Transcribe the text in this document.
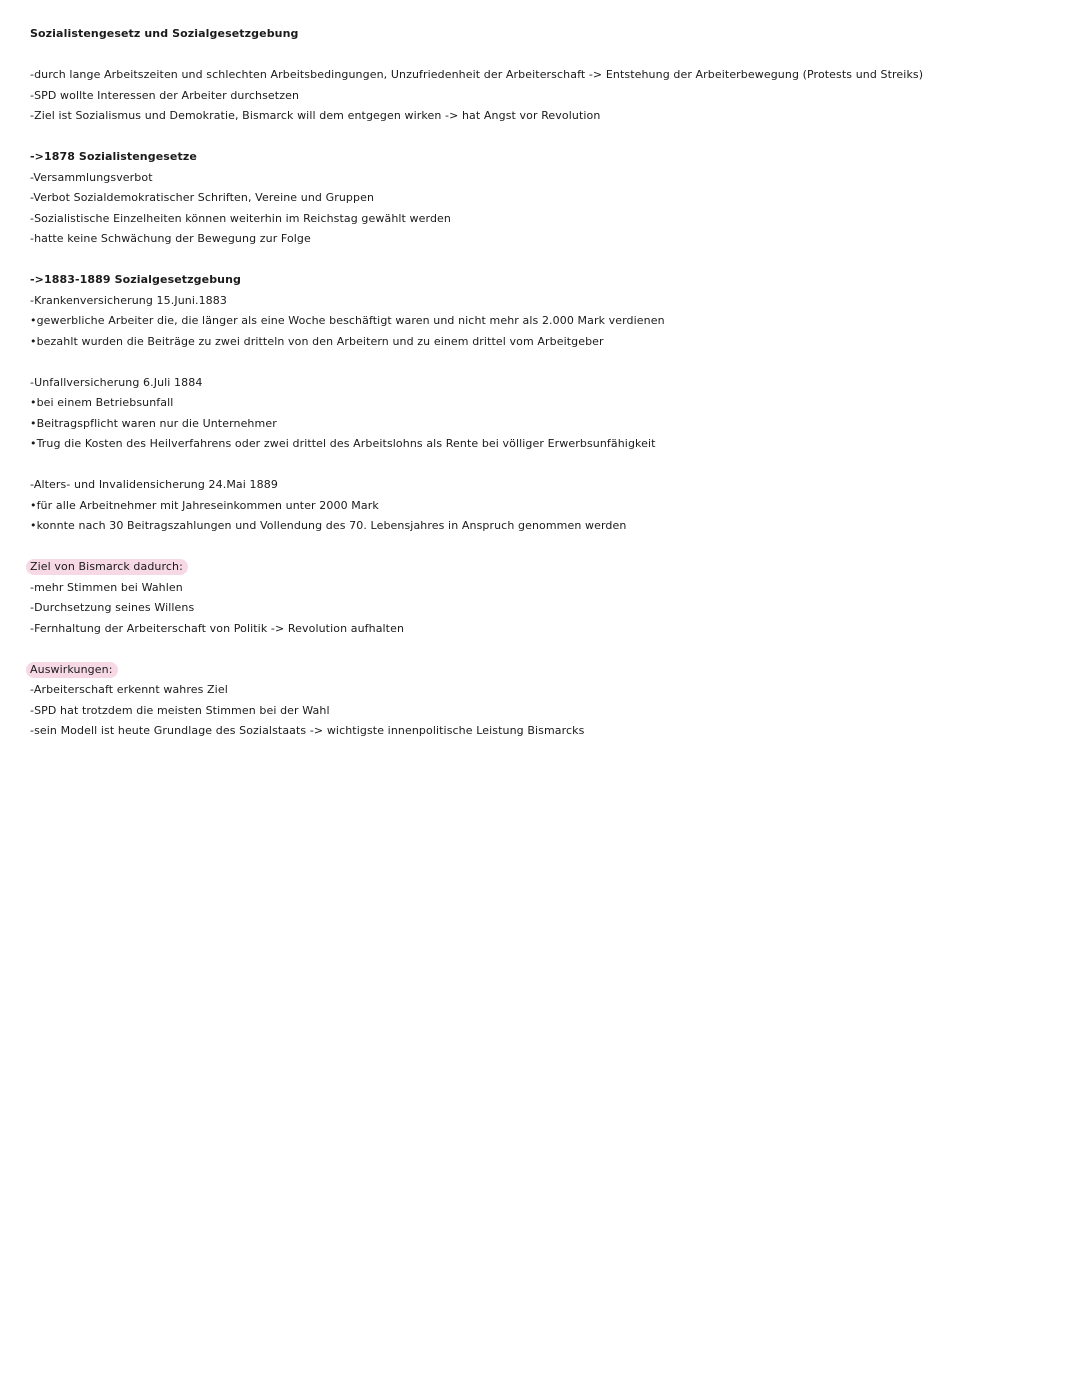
Sozialistengesetz und Sozialgesetzgebung
-durch lange Arbeitszeiten und schlechten Arbeitsbedingungen, Unzufriedenheit der Arbeiterschaft -> Entstehung der Arbeiterbewegung (Protests und Streiks)
-SPD wollte Interessen der Arbeiter durchsetzen
-Ziel ist Sozialismus und Demokratie, Bismarck will dem entgegen wirken -> hat Angst vor Revolution
->1878 Sozialistengesetze
-Versammlungsverbot
-Verbot Sozialdemokratischer Schriften, Vereine und Gruppen
-Sozialistische Einzelheiten können weiterhin im Reichstag gewählt werden
-hatte keine Schwächung der Bewegung zur Folge
->1883-1889 Sozialgesetzgebung
-Krankenversicherung 15.Juni.1883
•gewerbliche Arbeiter die, die länger als eine Woche beschäftigt waren und nicht mehr als 2.000 Mark verdienen
•bezahlt wurden die Beiträge zu zwei dritteln von den Arbeitern und zu einem drittel vom Arbeitgeber
-Unfallversicherung 6.Juli 1884
•bei einem Betriebsunfall
•Beitragspflicht waren nur die Unternehmer
•Trug die Kosten des Heilverfahrens oder zwei drittel des Arbeitslohns als Rente bei völliger Erwerbsunfähigkeit
-Alters- und Invalidensicherung 24.Mai 1889
•für alle Arbeitnehmer mit Jahreseinkommen unter 2000 Mark
•konnte nach 30 Beitragszahlungen und Vollendung des 70. Lebensjahres in Anspruch genommen werden
Ziel von Bismarck dadurch:
-mehr Stimmen bei Wahlen
-Durchsetzung seines Willens
-Fernhaltung der Arbeiterschaft von Politik -> Revolution aufhalten
Auswirkungen:
-Arbeiterschaft erkennt wahres Ziel
-SPD hat trotzdem die meisten Stimmen bei der Wahl
-sein Modell ist heute Grundlage des Sozialstaats -> wichtigste innenpolitische Leistung Bismarcks
